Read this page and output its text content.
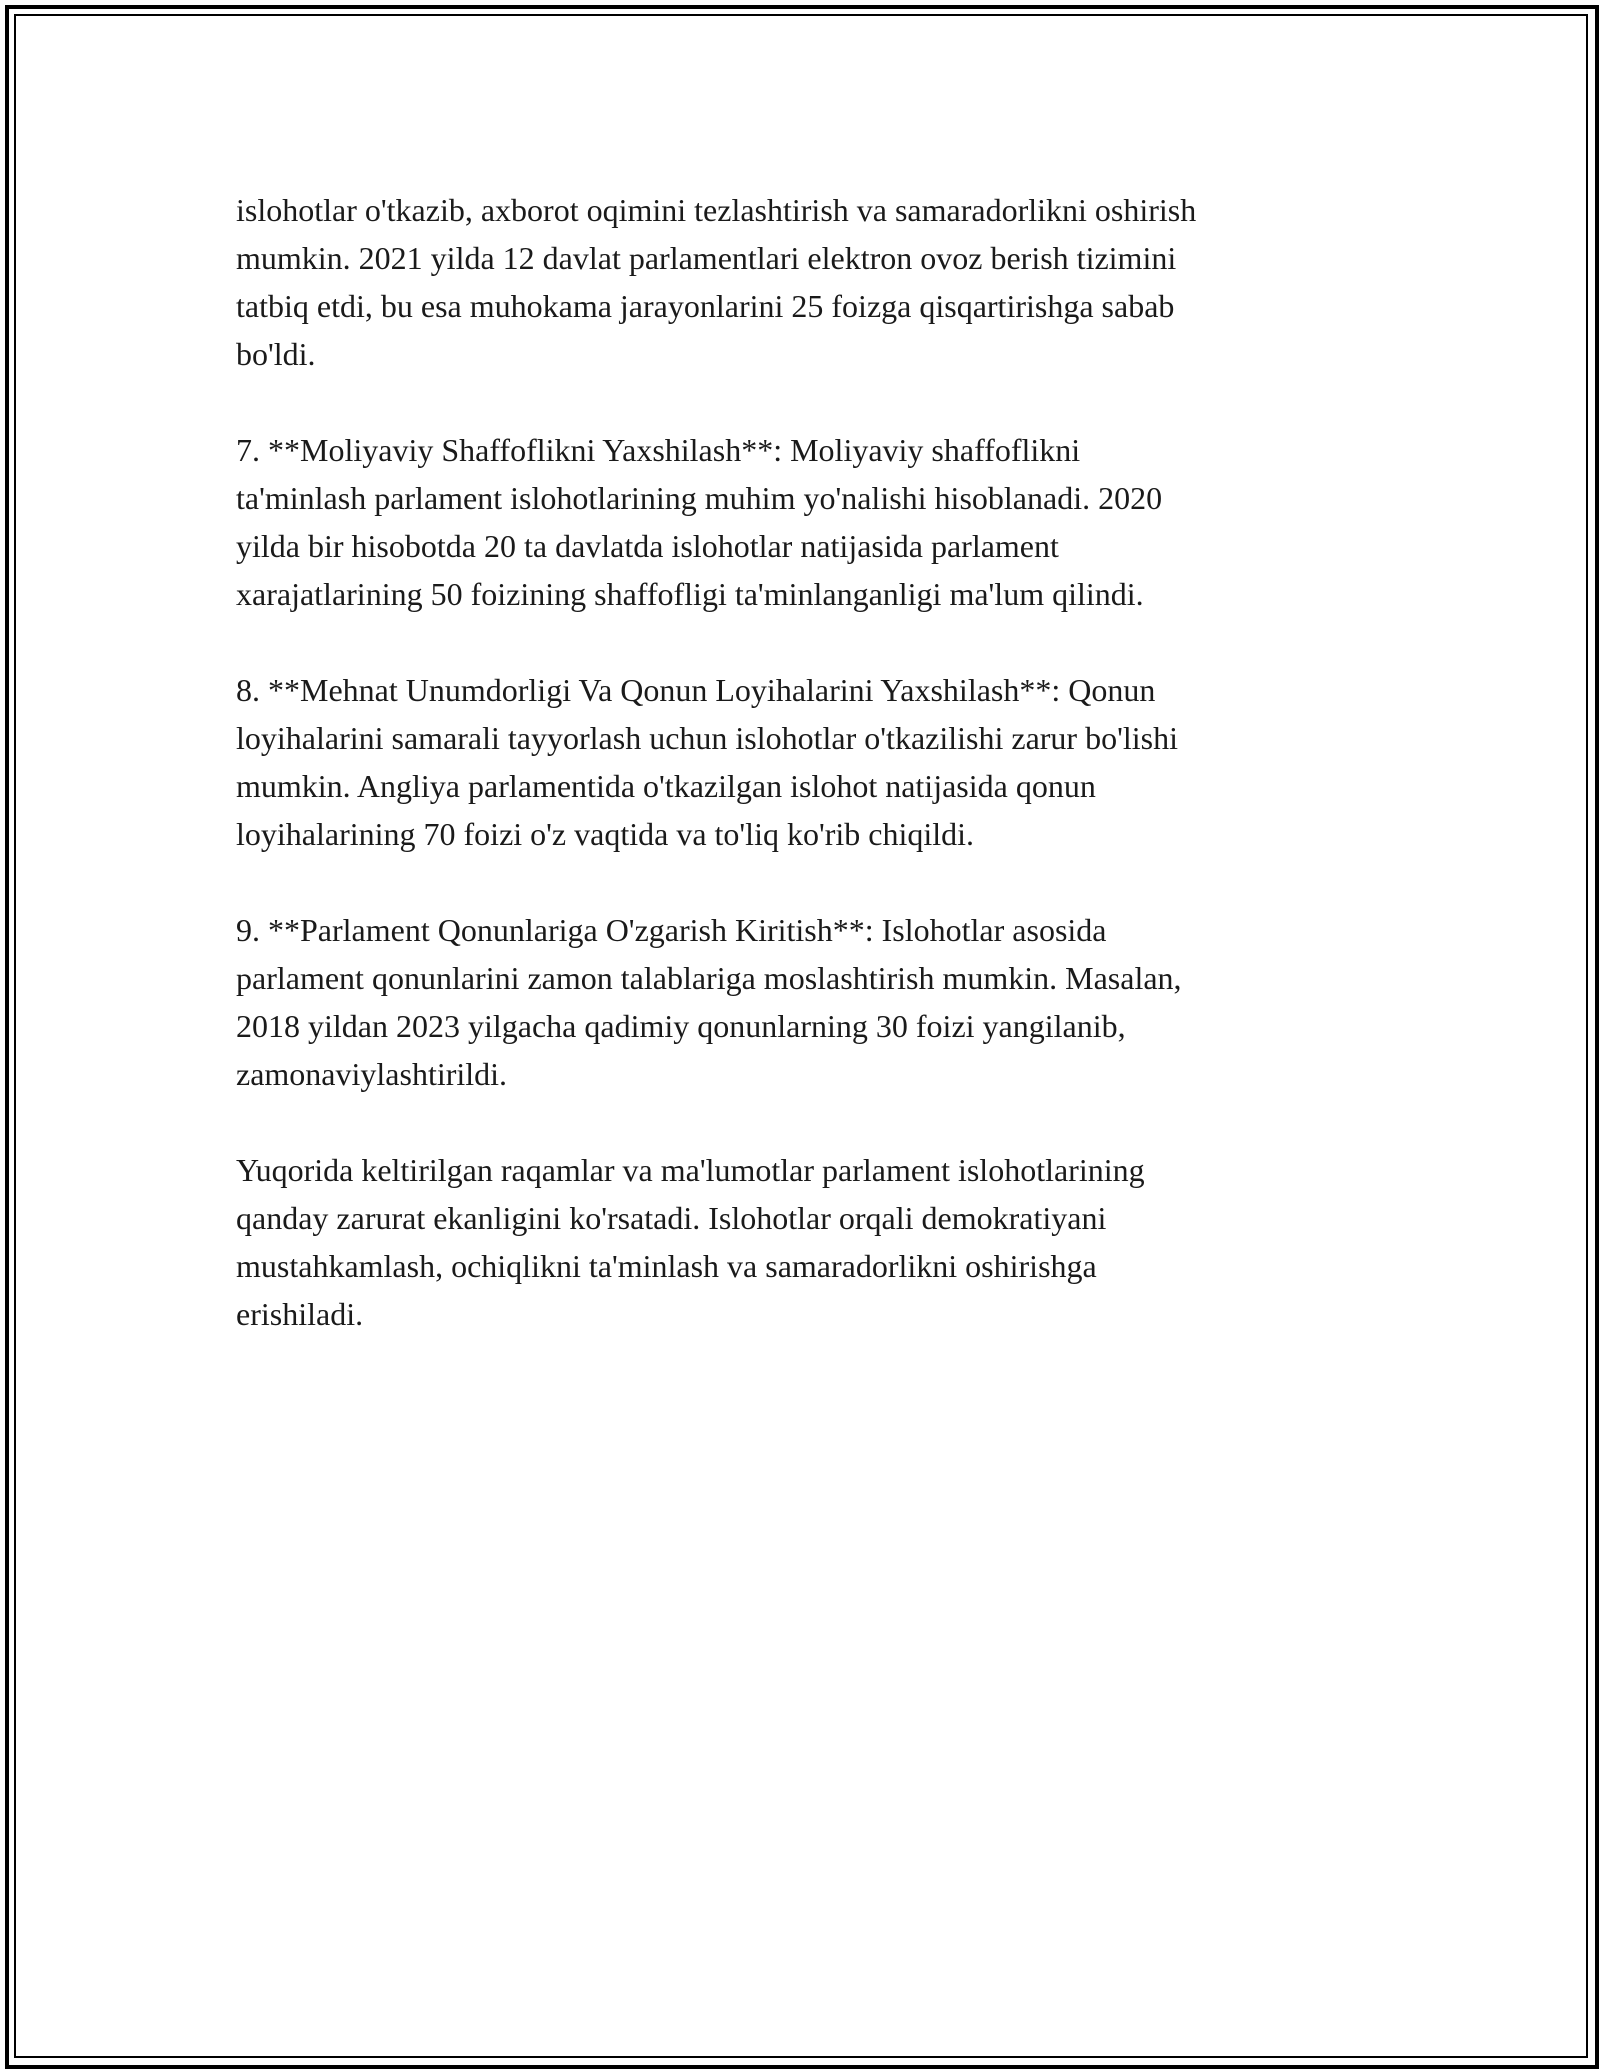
islohotlar o'tkazib, axborot oqimini tezlashtirish va samaradorlikni oshirish
mumkin. 2021 yilda 12 davlat parlamentlari elektron ovoz berish tizimini
tatbiq etdi, bu esa muhokama jarayonlarini 25 foizga qisqartirishga sabab
bo'ldi.

7. **Moliyaviy Shaffoflikni Yaxshilash**: Moliyaviy shaffoflikni
ta'minlash parlament islohotlarining muhim yo'nalishi hisoblanadi. 2020
yilda bir hisobotda 20 ta davlatda islohotlar natijasida parlament
xarajatlarining 50 foizining shaffofligi ta'minlanganligi ma'lum qilindi.

8. **Mehnat Unumdorligi Va Qonun Loyihalarini Yaxshilash**: Qonun
loyihalarini samarali tayyorlash uchun islohotlar o'tkazilishi zarur bo'lishi
mumkin. Angliya parlamentida o'tkazilgan islohot natijasida qonun
loyihalarining 70 foizi o'z vaqtida va to'liq ko'rib chiqildi.

9. **Parlament Qonunlariga O'zgarish Kiritish**: Islohotlar asosida
parlament qonunlarini zamon talablariga moslashtirish mumkin. Masalan,
2018 yildan 2023 yilgacha qadimiy qonunlarning 30 foizi yangilanib,
zamonaviylashtirildi.

Yuqorida keltirilgan raqamlar va ma'lumotlar parlament islohotlarining
qanday zarurat ekanligini ko'rsatadi. Islohotlar orqali demokratiyani
mustahkamlash, ochiqlikni ta'minlash va samaradorlikni oshirishga
erishiladi.
